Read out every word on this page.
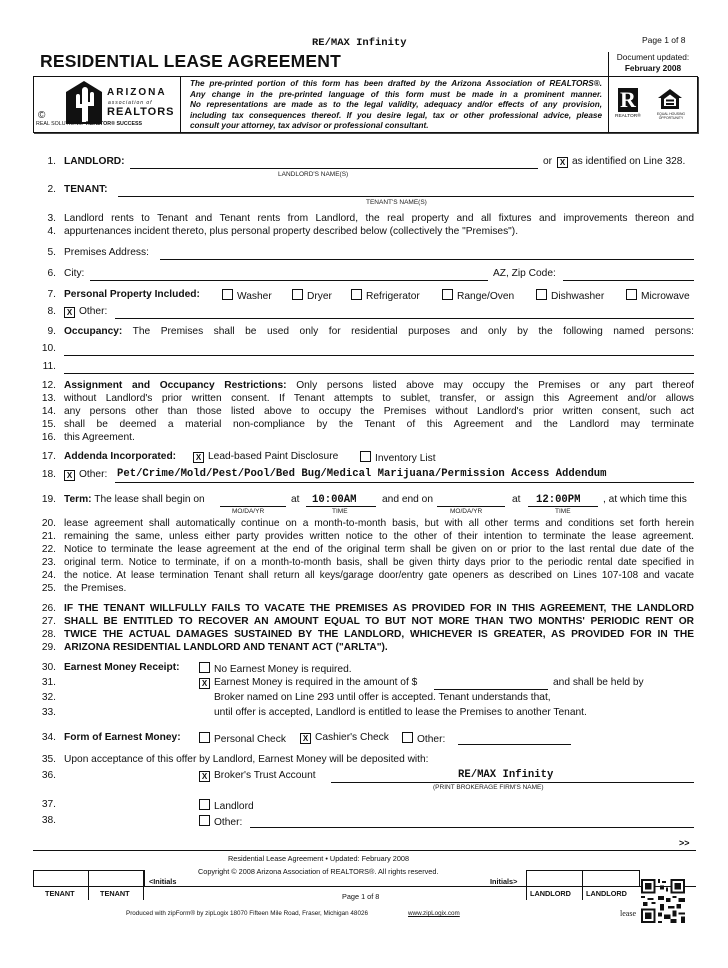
RE/MAX Infinity	Page 1 of 8
RESIDENTIAL LEASE AGREEMENT	Document updated:
February 2008
ARIZONA
association of
REALTORS
©
REAL SOLUTIONS. REALTOR® SUCCESS
The pre-printed portion of this form has been drafted by the Arizona Association of REALTORS®.
Any change in the pre-printed language of this form must be made in a prominent manner.
No representations are made as to the legal validity, adequacy and/or effects of any provision,
including tax consequences thereof. If you desire legal, tax or other professional advice, please
consult your attorney, tax advisor or professional consultant.
R
REALTOR®	EQUAL HOUSING OPPORTUNITY
1. LANDLORD:
LANDLORD'S NAME(S)
or X as identified on Line 328.
2. TENANT:
TENANT'S NAME(S)
3. Landlord rents to Tenant and Tenant rents from Landlord, the real property and all fixtures and improvements thereon and
4. appurtenances incident thereto, plus personal property described below (collectively the "Premises").
5. Premises Address:
6. City:	AZ, Zip Code:
7. Personal Property Included:	Washer	Dryer	Refrigerator	Range/Oven	Dishwasher	Microwave
8.	X Other:
9. Occupancy: The Premises shall be used only for residential purposes and only by the following named persons:
10.
11.
12. Assignment and Occupancy Restrictions: Only persons listed above may occupy the Premises or any part thereof
13. without Landlord's prior written consent. If Tenant attempts to sublet, transfer, or assign this Agreement and/or allows
14. any persons other than those listed above to occupy the Premises without Landlord's prior written consent, such act
15. shall be deemed a material non-compliance by the Tenant of this Agreement and the Landlord may terminate
16. this Agreement.
17. Addenda Incorporated:	X Lead-based Paint Disclosure	Inventory List
18.	X Other: Pet/Crime/Mold/Pest/Pool/Bed Bug/Medical Marijuana/Permission Access Addendum
19. Term: The lease shall begin on
MO/DA/YR
at 10:00AM
TIME
and end on
MO/DA/YR
at 12:00PM
TIME
, at which time this
20. lease agreement shall automatically continue on a month-to-month basis, but with all other terms and conditions set forth herein
21. remaining the same, unless either party provides written notice to the other of their intention to terminate the lease agreement.
22. Notice to terminate the lease agreement at the end of the original term shall be given on or prior to the last rental due date of the
23. original term. Notice to terminate, if on a month-to-month basis, shall be given thirty days prior to the periodic rental date specified in
24. the notice. At lease termination Tenant shall return all keys/garage door/entry gate openers as described on Lines 107-108 and vacate
25. the Premises.
26. IF THE TENANT WILLFULLY FAILS TO VACATE THE PREMISES AS PROVIDED FOR IN THIS AGREEMENT, THE LANDLORD
27. SHALL BE ENTITLED TO RECOVER AN AMOUNT EQUAL TO BUT NOT MORE THAN TWO MONTHS' PERIODIC RENT OR
28. TWICE THE ACTUAL DAMAGES SUSTAINED BY THE LANDLORD, WHICHEVER IS GREATER, AS PROVIDED FOR IN THE
29. ARIZONA RESIDENTIAL LANDLORD AND TENANT ACT ("ARLTA").
30. Earnest Money Receipt:	No Earnest Money is required.
31.	X Earnest Money is required in the amount of $	and shall be held by
32.	Broker named on Line 293 until offer is accepted. Tenant understands that,
33.	until offer is accepted, Landlord is entitled to lease the Premises to another Tenant.
34. Form of Earnest Money:	Personal Check	X Cashier's Check	Other:
35. Upon acceptance of this offer by Landlord, Earnest Money will be deposited with:
36.	X Broker's Trust Account	RE/MAX Infinity
(PRINT BROKERAGE FIRM'S NAME)
37.	Landlord
38.	Other:
>>
Residential Lease Agreement • Updated: February 2008
Copyright © 2008 Arizona Association of REALTORS®. All rights reserved.
TENANT	TENANT
<Initials
Page 1 of 8
Initials>
LANDLORD LANDLORD
lease
Produced with zipForm® by zipLogix 18070 Fifteen Mile Road, Fraser, Michigan 48026	www.zipLogix.com
